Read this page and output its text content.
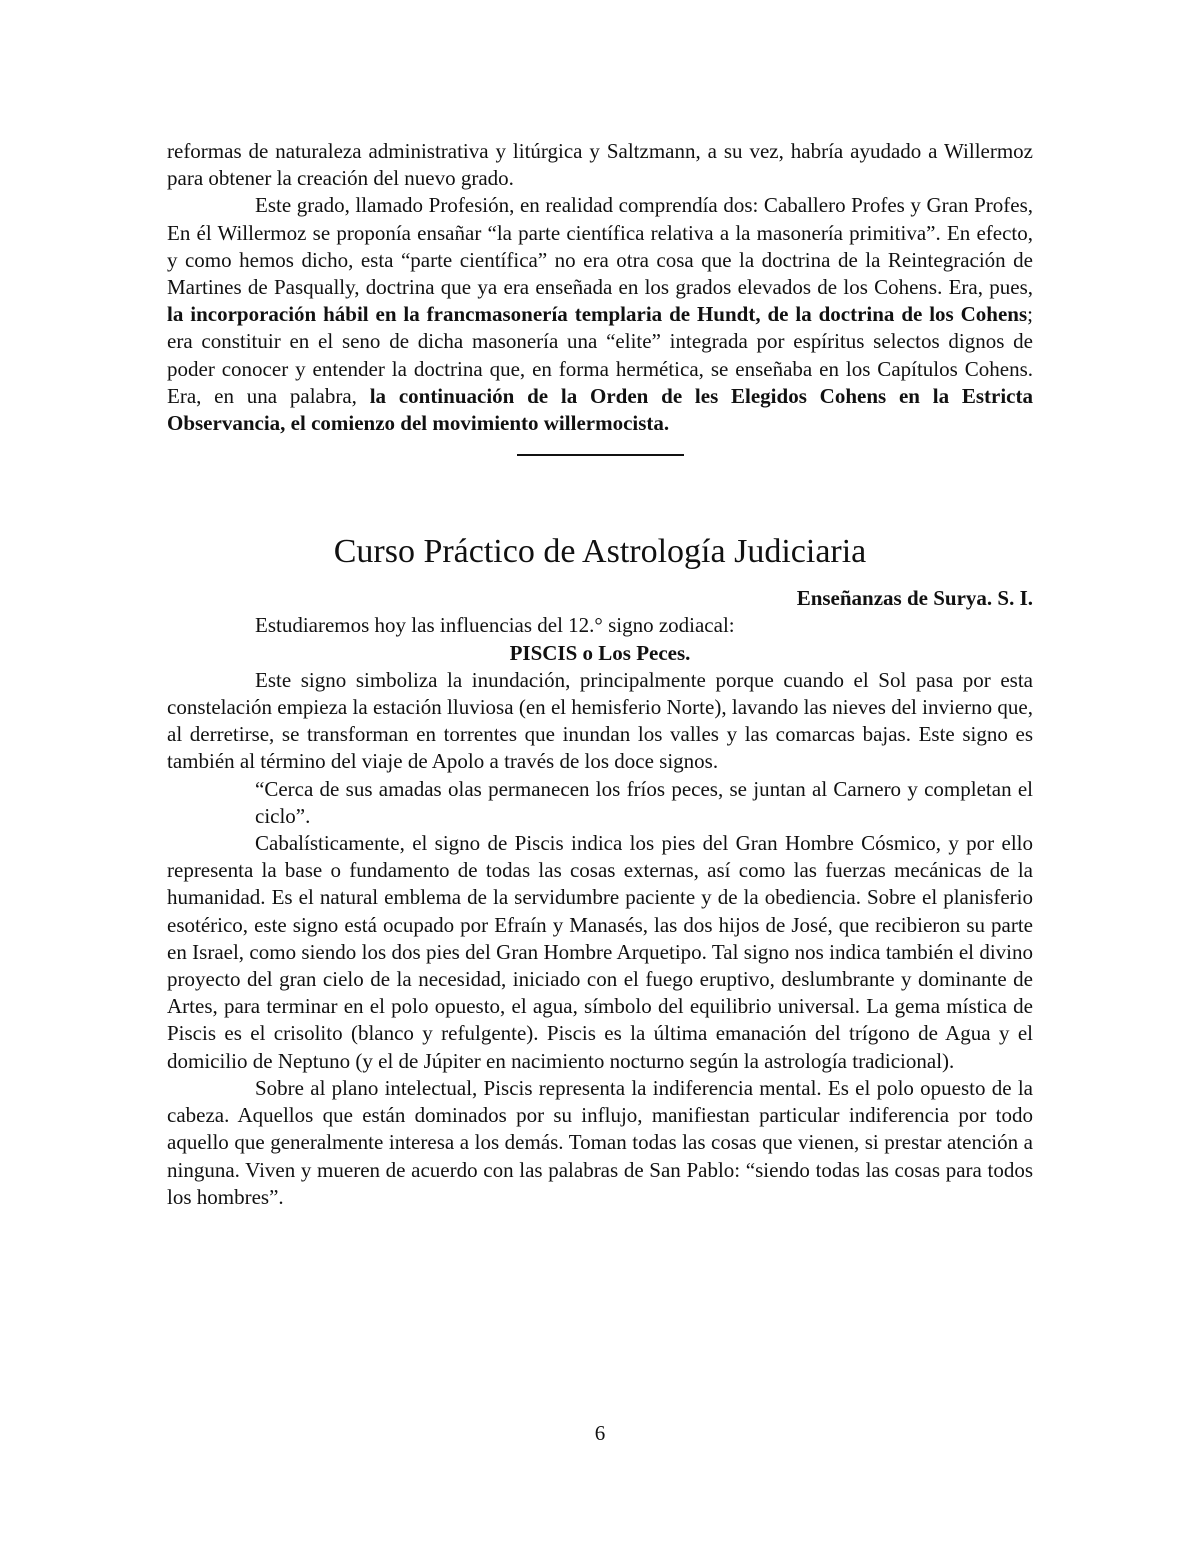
reformas de naturaleza administrativa y litúrgica y Saltzmann, a su vez, habría ayudado a Willermoz para obtener la creación del nuevo grado.

Este grado, llamado Profesión, en realidad comprendía dos: Caballero Profes y Gran Profes, En él Willermoz se proponía ensañar “la parte científica relativa a la masonería primitiva”. En efecto, y como hemos dicho, esta “parte científica” no era otra cosa que la doctrina de la Reintegración de Martines de Pasqually, doctrina que ya era enseñada en los grados elevados de los Cohens. Era, pues, la incorporación hábil en la francmasonería templaria de Hundt, de la doctrina de los Cohens; era constituir en el seno de dicha masonería una “elite” integrada por espíritus selectos dignos de poder conocer y entender la doctrina que, en forma hermética, se enseñaba en los Capítulos Cohens. Era, en una palabra, la continuación de la Orden de les Elegidos Cohens en la Estricta Observancia, el comienzo del movimiento willermocista.

Curso Práctico de Astrología Judiciaria
Enseñanzas de Surya. S. I.

Estudiaremos hoy las influencias del 12.° signo zodiacal:

PISCIS o Los Peces.

Este signo simboliza la inundación, principalmente porque cuando el Sol pasa por esta constelación empieza la estación lluviosa (en el hemisferio Norte), lavando las nieves del invierno que, al derretirse, se transforman en torrentes que inundan los valles y las comarcas bajas. Este signo es también al término del viaje de Apolo a través de los doce signos.

“Cerca de sus amadas olas permanecen los fríos peces, se juntan al Carnero y completan el ciclo”.

Cabalísticamente, el signo de Piscis indica los pies del Gran Hombre Cósmico, y por ello representa la base o fundamento de todas las cosas externas, así como las fuerzas mecánicas de la humanidad. Es el natural emblema de la servidumbre paciente y de la obediencia. Sobre el planisferio esotérico, este signo está ocupado por Efraín y Manasés, las dos hijos de José, que recibieron su parte en Israel, como siendo los dos pies del Gran Hombre Arquetipo. Tal signo nos indica también el divino proyecto del gran cielo de la necesidad, iniciado con el fuego eruptivo, deslumbrante y dominante de Artes, para terminar en el polo opuesto, el agua, símbolo del equilibrio universal. La gema mística de Piscis es el crisolito (blanco y refulgente). Piscis es la última emanación del trígono de Agua y el domicilio de Neptuno (y el de Júpiter en nacimiento nocturno según la astrología tradicional).

Sobre al plano intelectual, Piscis representa la indiferencia mental. Es el polo opuesto de la cabeza. Aquellos que están dominados por su influjo, manifiestan particular indiferencia por todo aquello que generalmente interesa a los demás. Toman todas las cosas que vienen, si prestar atención a ninguna. Viven y mueren de acuerdo con las palabras de San Pablo: “siendo todas las cosas para todos los hombres”.

6
